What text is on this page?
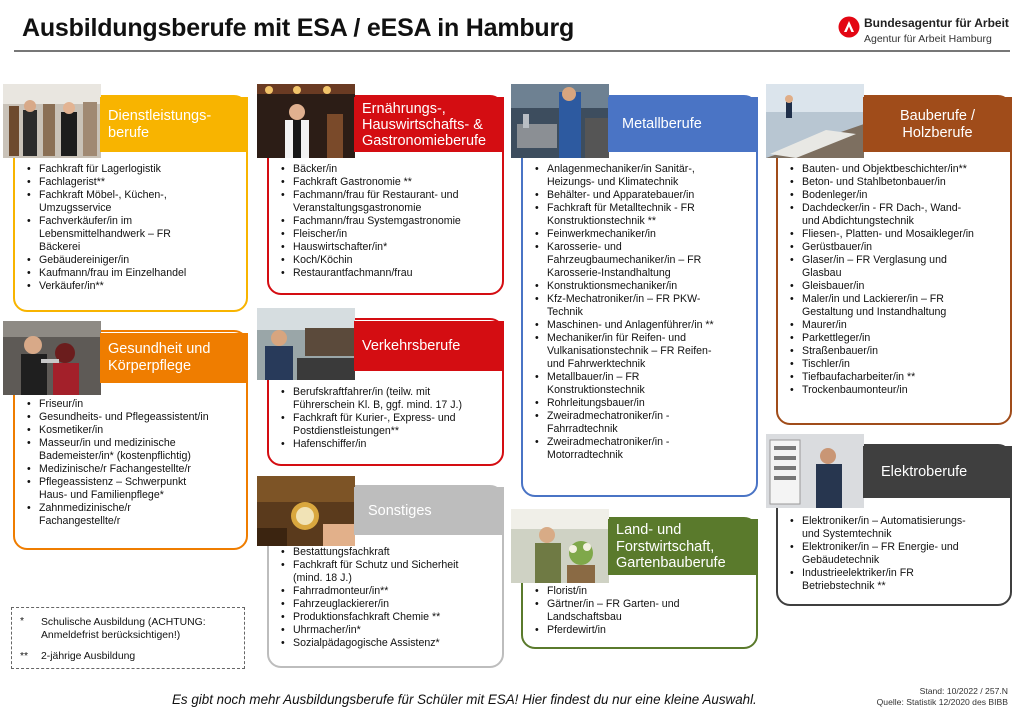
Ausbildungsberufe mit ESA / eESA in Hamburg	Bundesagentur für Arbeit
Agentur für Arbeit Hamburg
• Fachkraft für Lagerlogistik
• Fachlagerist**
• Fachkraft Möbel-, Küchen-,
Umzugsservice
• Fachverkäufer/in im
Lebensmittelhandwerk – FR
Bäckerei
• Gebäudereiniger/in
• Kaufmann/frau im Einzelhandel
• Verkäufer/in**
Dienstleistungs-
berufe
• Friseur/in
• Gesundheits- und Pflegeassistent/in
• Kosmetiker/in
• Masseur/in und medizinische
Bademeister/in* (kostenpflichtig)
• Medizinische/r Fachangestellte/r
• Pflegeassistenz – Schwerpunkt
Haus- und Familienpflege*
• Zahnmedizinische/r
Fachangestellte/r
Gesundheit und
Körperpflege
• Bäcker/in
• Fachkraft Gastronomie **
• Fachmann/frau für Restaurant- und
Veranstaltungsgastronomie
• Fachmann/frau Systemgastronomie
• Fleischer/in
• Hauswirtschafter/in*
• Koch/Köchin
• Restaurantfachmann/frau
Ernährungs-,
Hauswirtschafts- &
Gastronomieberufe
• Berufskraftfahrer/in (teilw. mit
Führerschein Kl. B, ggf. mind. 17 J.)
• Fachkraft für Kurier-, Express- und
Postdienstleistungen**
• Hafenschiffer/in
Verkehrsberufe
• Bestattungsfachkraft
• Fachkraft für Schutz und Sicherheit
(mind. 18 J.)
• Fahrradmonteur/in**
• Fahrzeuglackierer/in
• Produktionsfachkraft Chemie **
• Uhrmacher/in*
• Sozialpädagogische Assistenz*
Sonstiges
• Anlagenmechaniker/in Sanitär-,
Heizungs- und Klimatechnik
• Behälter- und Apparatebauer/in
• Fachkraft für Metalltechnik - FR
Konstruktionstechnik **
• Feinwerkmechaniker/in
• Karosserie- und
Fahrzeugbaumechaniker/in – FR
Karosserie-Instandhaltung
• Konstruktionsmechaniker/in
• Kfz-Mechatroniker/in – FR PKW-
Technik
• Maschinen- und Anlagenführer/in **
• Mechaniker/in für Reifen- und
Vulkanisationstechnik – FR Reifen-
und Fahrwerktechnik
• Metallbauer/in – FR
Konstruktionstechnik
• Rohrleitungsbauer/in
• Zweiradmechatroniker/in -
Fahrradtechnik
• Zweiradmechatroniker/in -
Motorradtechnik
Metallberufe
• Florist/in
• Gärtner/in – FR Garten- und
Landschaftsbau
• Pferdewirt/in
Land- und
Forstwirtschaft,
Gartenbauberufe
• Bauten- und Objektbeschichter/in**
• Beton- und Stahlbetonbauer/in
• Bodenleger/in
• Dachdecker/in - FR Dach-, Wand-
und Abdichtungstechnik
• Fliesen-, Platten- und Mosaikleger/in
• Gerüstbauer/in
• Glaser/in – FR Verglasung und
Glasbau
• Gleisbauer/in
• Maler/in und Lackierer/in – FR
Gestaltung und Instandhaltung
• Maurer/in
• Parkettleger/in
• Straßenbauer/in
• Tischler/in
• Tiefbaufacharbeiter/in **
• Trockenbaumonteur/in
Bauberufe /
Holzberufe
• Elektroniker/in – Automatisierungs-
und Systemtechnik
• Elektroniker/in – FR Energie- und
Gebäudetechnik
• Industrieelektriker/in FR
Betriebstechnik **
Elektroberufe
* Schulische Ausbildung (ACHTUNG:
Anmeldefrist berücksichtigen!)
** 2-jährige Ausbildung
Es gibt noch mehr Ausbildungsberufe für Schüler mit ESA! Hier findest du nur eine kleine Auswahl.
Stand: 10/2022 / 257.N
Quelle: Statistik 12/2020 des BIBB
